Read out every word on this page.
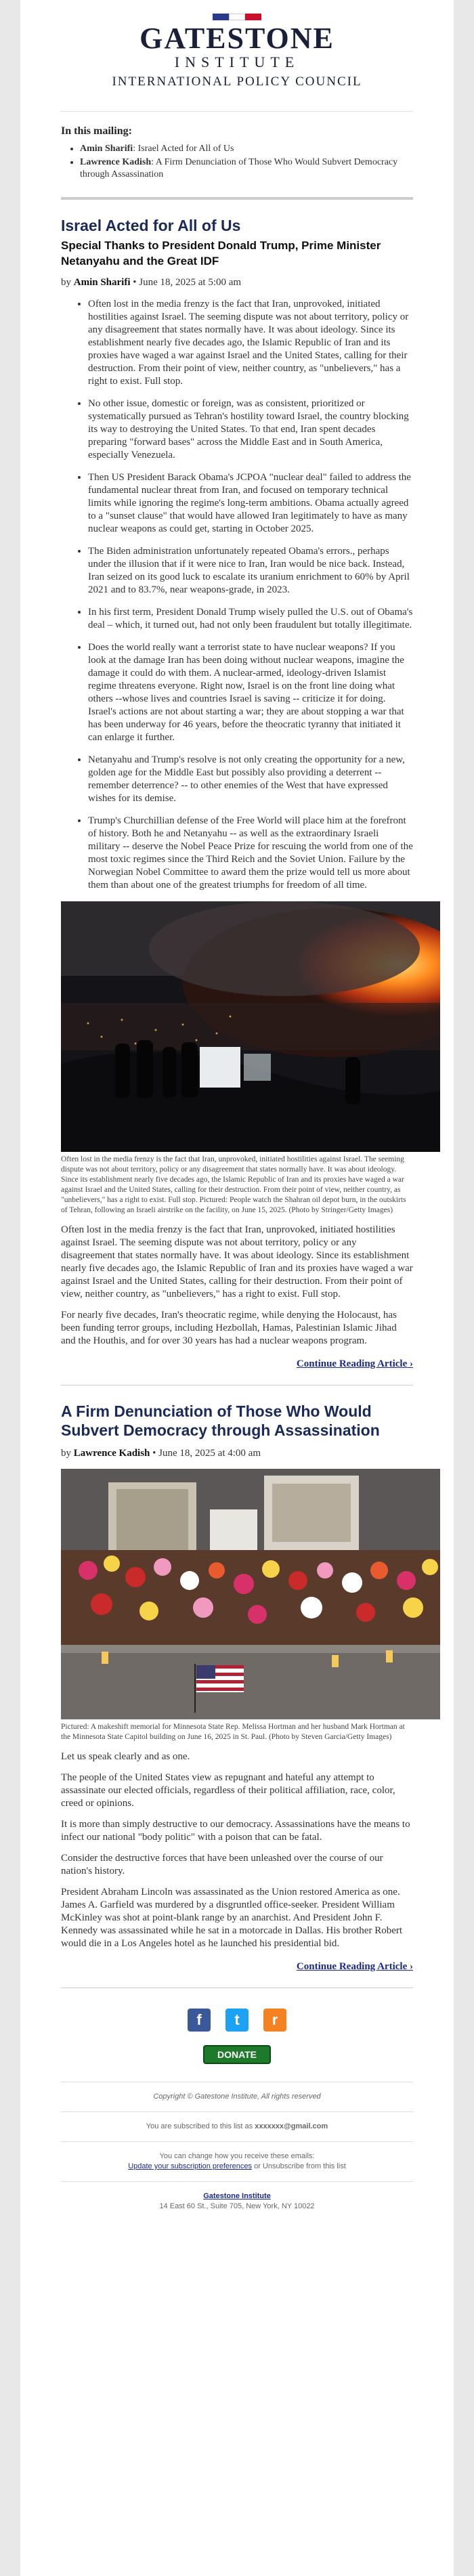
GATESTONE
INSTITUTE
INTERNATIONAL POLICY COUNCIL
In this mailing:
• Amin Sharifi: Israel Acted for All of Us
• Lawrence Kadish: A Firm Denunciation of Those Who Would Subvert Democracy through Assassination
Israel Acted for All of Us
Special Thanks to President Donald Trump, Prime Minister Netanyahu and the Great IDF
by Amin Sharifi • June 18, 2025 at 5:00 am
• Often lost in the media frenzy is the fact that Iran, unprovoked, initiated hostilities against Israel. The seeming dispute was not about territory, policy or any disagreement that states normally have. It was about ideology. Since its establishment nearly five decades ago, the Islamic Republic of Iran and its proxies have waged a war against Israel and the United States, calling for their destruction. From their point of view, neither country, as "unbelievers," has a right to exist. Full stop.
• No other issue, domestic or foreign, was as consistent, prioritized or systematically pursued as Tehran's hostility toward Israel, the country blocking its way to destroying the United States. To that end, Iran spent decades preparing "forward bases" across the Middle East and in South America, especially Venezuela.
• Then US President Barack Obama's JCPOA "nuclear deal" failed to address the fundamental nuclear threat from Iran, and focused on temporary technical limits while ignoring the regime's long-term ambitions. Obama actually agreed to a "sunset clause" that would have allowed Iran legitimately to have as many nuclear weapons as could get, starting in October 2025.
• The Biden administration unfortunately repeated Obama's errors., perhaps under the illusion that if it were nice to Iran, Iran would be nice back. Instead, Iran seized on its good luck to escalate its uranium enrichment to 60% by April 2021 and to 83.7%, near weapons-grade, in 2023.
• In his first term, President Donald Trump wisely pulled the U.S. out of Obama's deal – which, it turned out, had not only been fraudulent but totally illegitimate.
• Does the world really want a terrorist state to have nuclear weapons? If you look at the damage Iran has been doing without nuclear weapons, imagine the damage it could do with them. A nuclear-armed, ideology-driven Islamist regime threatens everyone. Right now, Israel is on the front line doing what others --whose lives and countries Israel is saving -- criticize it for doing. Israel's actions are not about starting a war; they are about stopping a war that has been underway for 46 years, before the theocratic tyranny that initiated it can enlarge it further.
• Netanyahu and Trump's resolve is not only creating the opportunity for a new, golden age for the Middle East but possibly also providing a deterrent -- remember deterrence? -- to other enemies of the West that have expressed wishes for its demise.
• Trump's Churchillian defense of the Free World will place him at the forefront of history. Both he and Netanyahu -- as well as the extraordinary Israeli military -- deserve the Nobel Peace Prize for rescuing the world from one of the most toxic regimes since the Third Reich and the Soviet Union. Failure by the Norwegian Nobel Committee to award them the prize would tell us more about them than about one of the greatest triumphs for freedom of all time.

Often lost in the media frenzy is the fact that Iran, unprovoked, initiated hostilities against Israel. The seeming dispute was not about territory, policy or any disagreement that states normally have. It was about ideology. Since its establishment nearly five decades ago, the Islamic Republic of Iran and its proxies have waged a war against Israel and the United States, calling for their destruction. From their point of view, neither country, as "unbelievers," has a right to exist. Full stop. Pictured: People watch the Shahran oil depot burn, in the outskirts of Tehran, following an Israeli airstrike on the facility, on June 15, 2025. (Photo by Stringer/Getty Images)

Often lost in the media frenzy is the fact that Iran, unprovoked, initiated hostilities against Israel. The seeming dispute was not about territory, policy or any disagreement that states normally have. It was about ideology. Since its establishment nearly five decades ago, the Islamic Republic of Iran and its proxies have waged a war against Israel and the United States, calling for their destruction. From their point of view, neither country, as "unbelievers," has a right to exist. Full stop.

For nearly five decades, Iran's theocratic regime, while denying the Holocaust, has been funding terror groups, including Hezbollah, Hamas, Palestinian Islamic Jihad and the Houthis, and for over 30 years has had a nuclear weapons program.

Continue Reading Article ›
A Firm Denunciation of Those Who Would Subvert Democracy through Assassination
by Lawrence Kadish • June 18, 2025 at 4:00 am

Pictured: A makeshift memorial for Minnesota State Rep. Melissa Hortman and her husband Mark Hortman at the Minnesota State Capitol building on June 16, 2025 in St. Paul. (Photo by Steven Garcia/Getty Images)

Let us speak clearly and as one.

The people of the United States view as repugnant and hateful any attempt to assassinate our elected officials, regardless of their political affiliation, race, color, creed or opinions.

It is more than simply destructive to our democracy. Assassinations have the means to infect our national "body politic" with a poison that can be fatal.

Consider the destructive forces that have been unleashed over the course of our nation's history.

President Abraham Lincoln was assassinated as the Union restored America as one. James A. Garfield was murdered by a disgruntled office-seeker. President William McKinley was shot at point-blank range by an anarchist. And President John F. Kennedy was assassinated while he sat in a motorcade in Dallas. His brother Robert would die in a Los Angeles hotel as he launched his presidential bid.

Continue Reading Article ›
f	t	r
DONATE
Copyright © Gatestone Institute, All rights reserved
You are subscribed to this list as xxxxxxx@gmail.com
You can change how you receive these emails:
Update your subscription preferences or Unsubscribe from this list
Gatestone Institute
14 East 60 St., Suite 705, New York, NY 10022
